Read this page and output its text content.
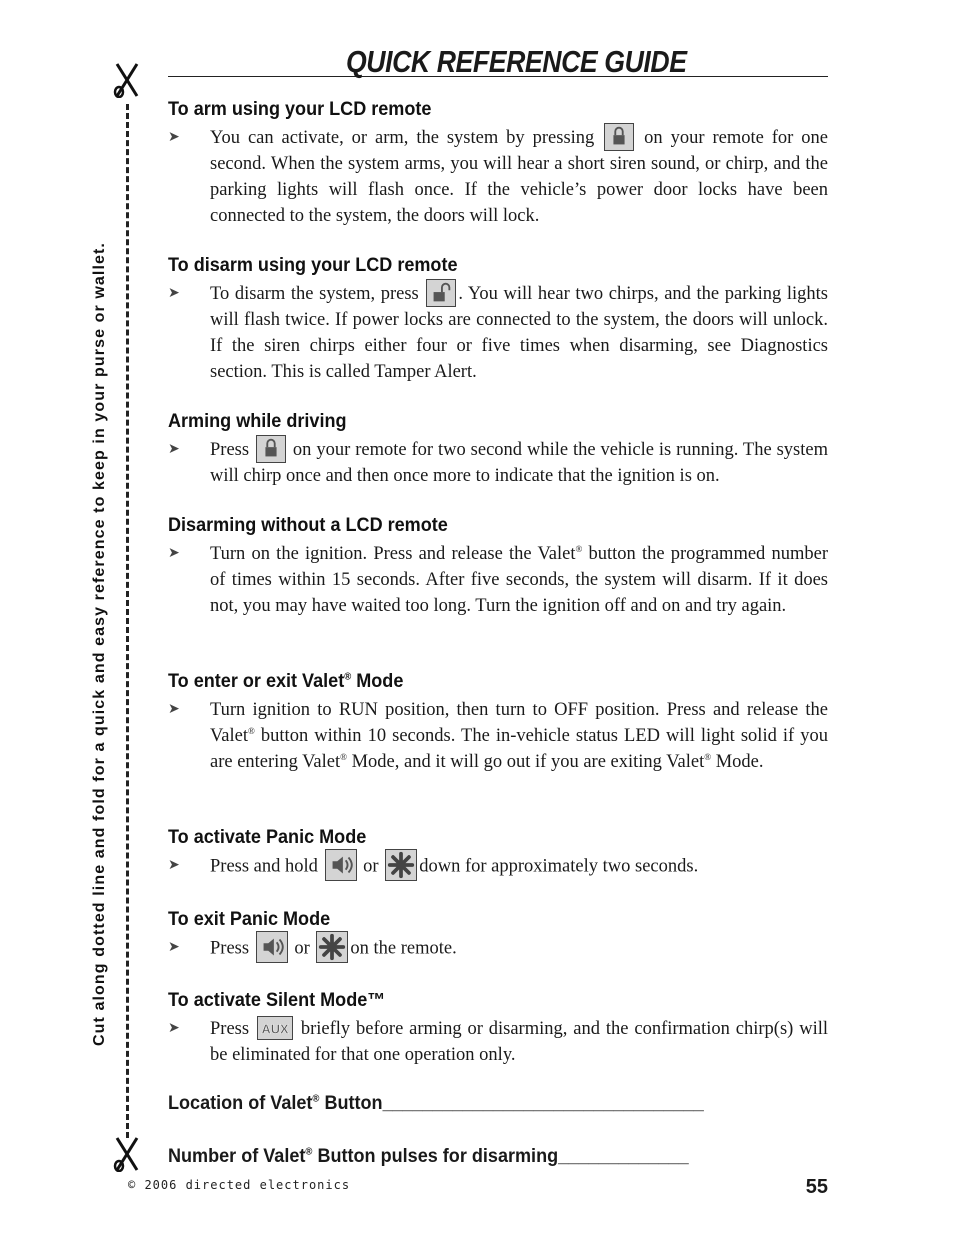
QUICK REFERENCE GUIDE
Cut along dotted line and fold for a quick and easy reference to keep in your purse or wallet.
To arm using your LCD remote
➤ You can activate, or arm, the system by pressing
on your remote for one second. When the system arms, you will hear a short siren sound, or chirp, and the parking lights will flash once. If the vehicle’s power door locks have been connected to the system, the doors will lock.

To disarm using your LCD remote
➤ To disarm the system, press
. You will hear two chirps, and the parking lights will flash twice. If power locks are connected to the system, the doors will unlock. If the siren chirps either four or five times when disarming, see Diagnostics section. This is called Tamper Alert.

Arming while driving
➤ Press
on your remote for two second while the vehicle is running. The system will chirp once and then once more to indicate that the ignition is on.

Disarming without a LCD remote
➤ Turn on the ignition. Press and release the Valet® button the programmed number of times within 15 seconds. After five seconds, the system will disarm. If it does not, you may have waited too long. Turn the ignition off and on and try again.

To enter or exit Valet® Mode
➤ Turn ignition to RUN position, then turn to OFF position. Press and release the Valet® button within 10 seconds. The in-vehicle status LED will light solid if you are entering Valet® Mode, and it will go out if you are exiting Valet® Mode.

To activate Panic Mode
➤ Press and hold
or
down for approximately two seconds.

To exit Panic Mode
➤ Press
or
on the remote.

To activate Silent Mode™
➤ Press AUX briefly before arming or disarming, and the confirmation chirp(s) will be eliminated for that one operation only.

Location of Valet® Button________________________________
Number of Valet® Button pulses for disarming_____________
© 2006 directed electronics	55
